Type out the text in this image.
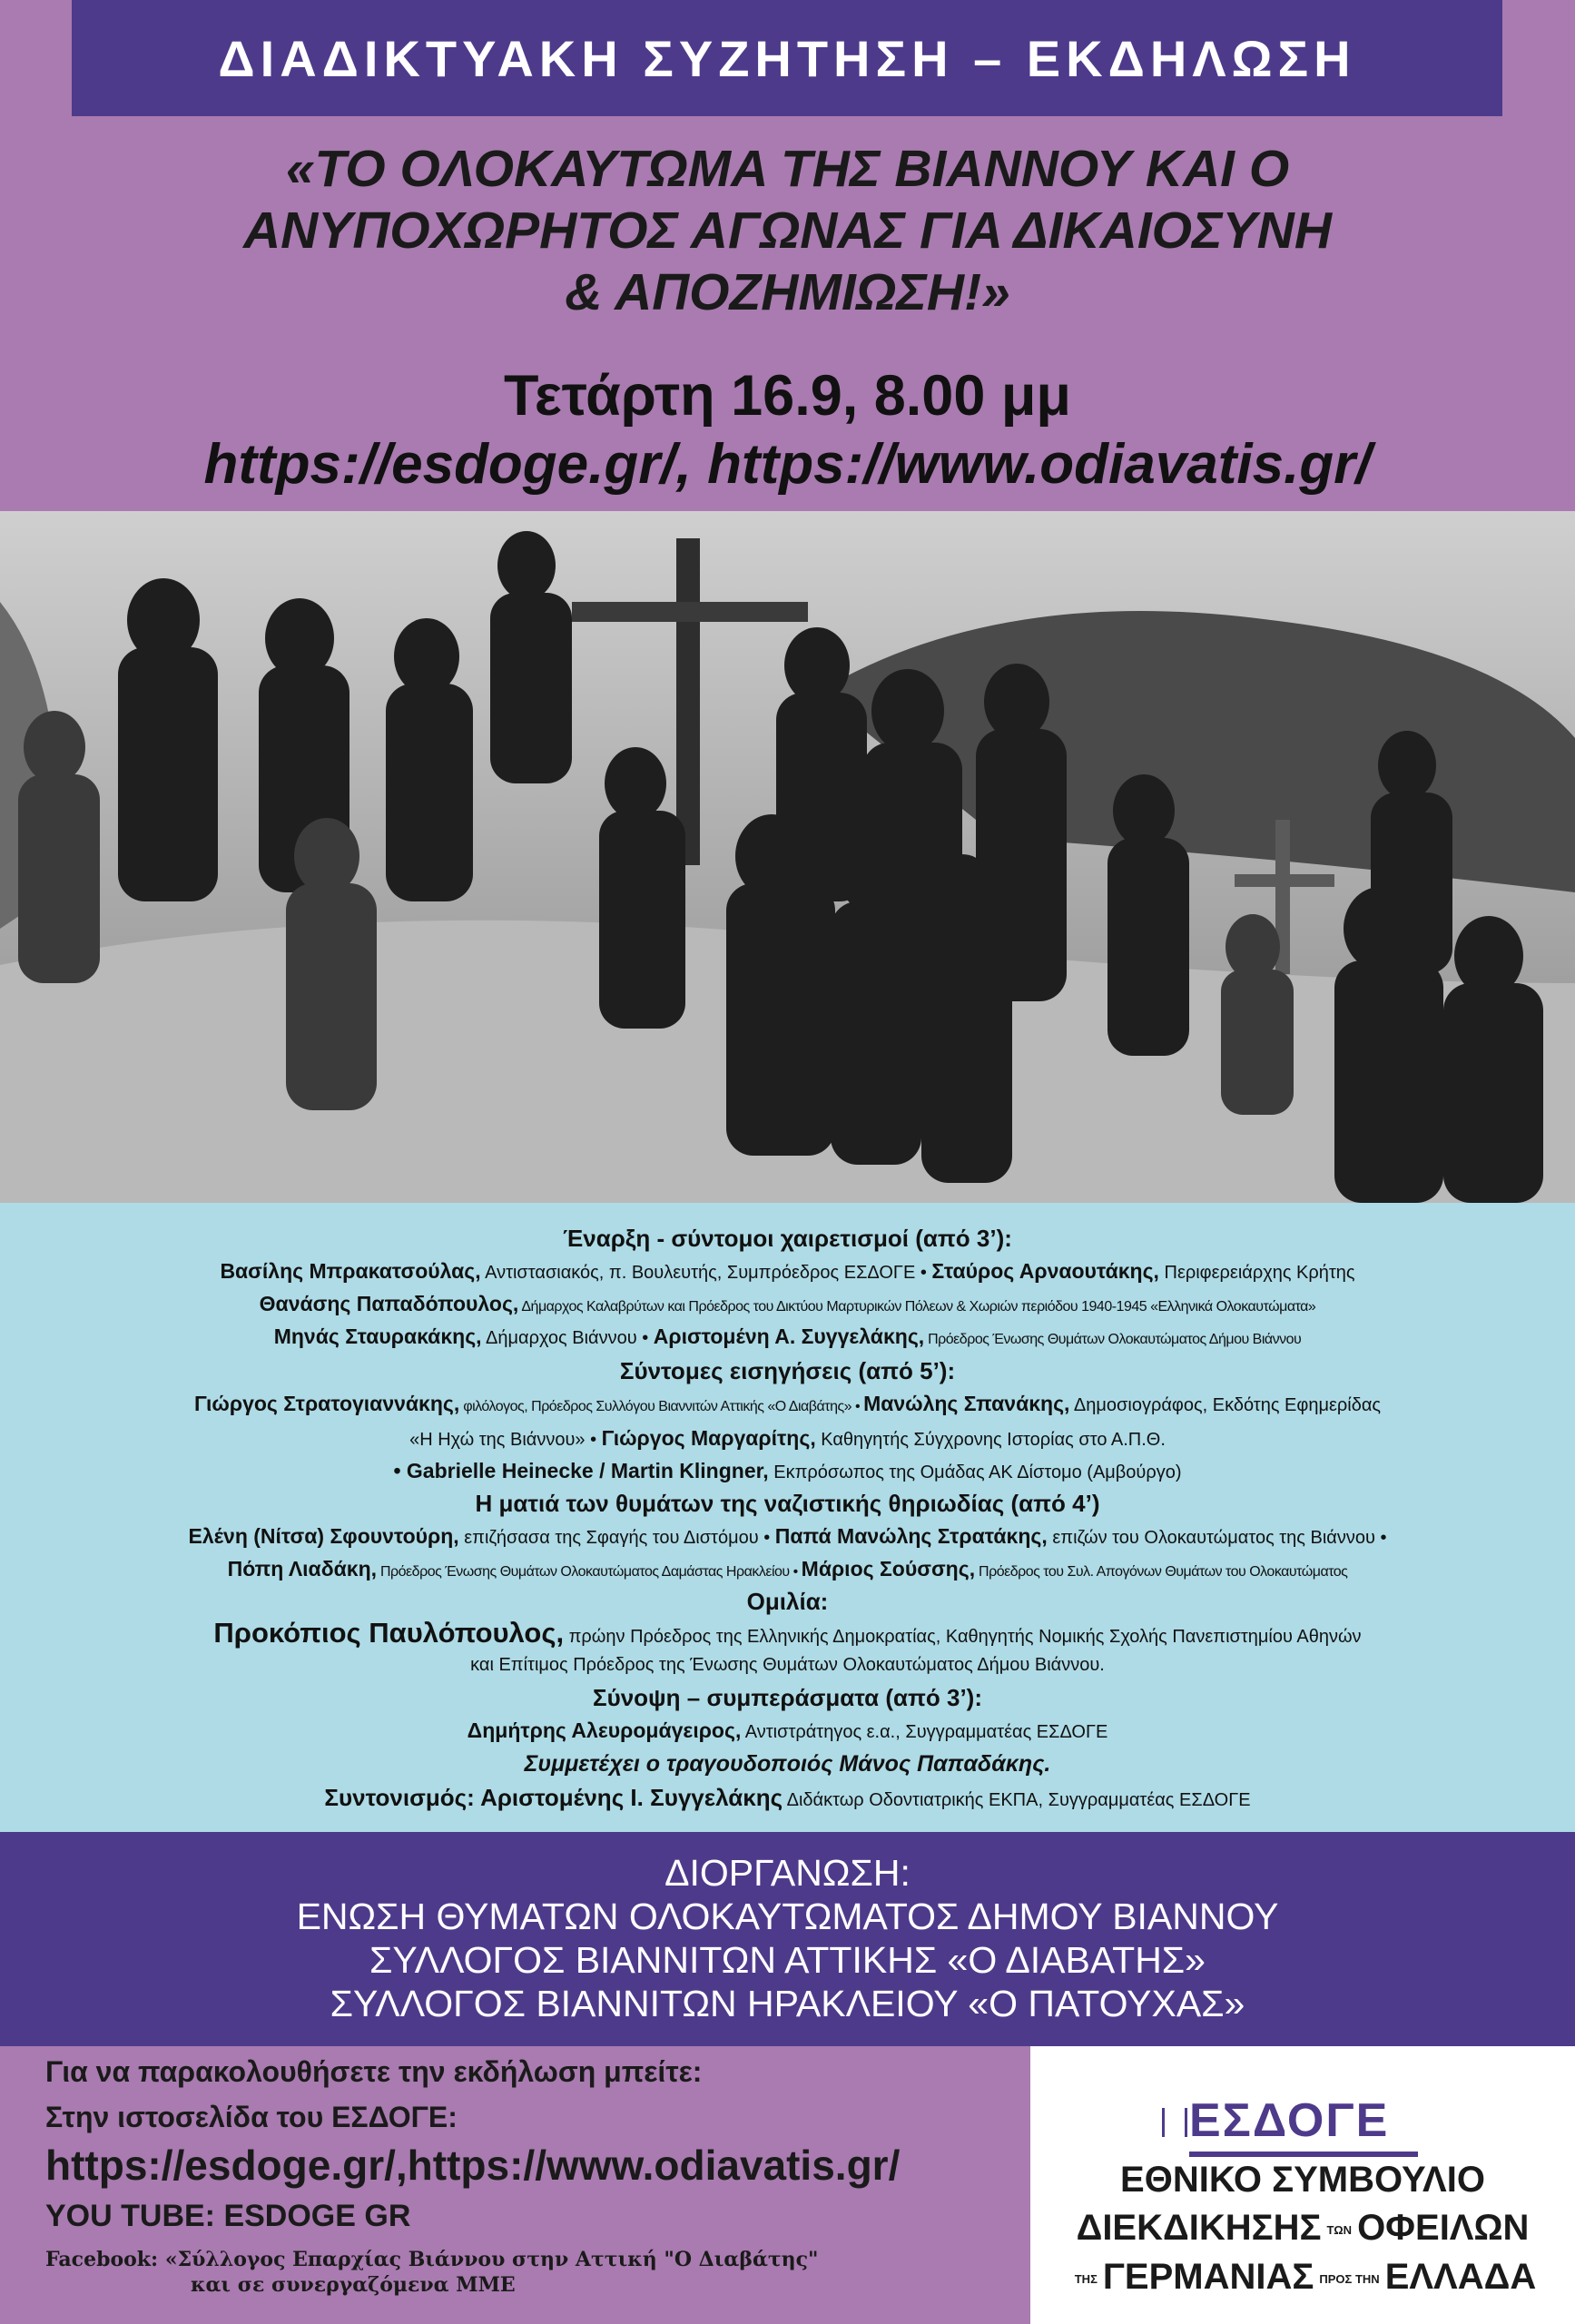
ΔΙΑΔΙΚΤΥΑΚΗ ΣΥΖΗΤΗΣΗ – ΕΚΔΗΛΩΣΗ
«ΤΟ ΟΛΟΚΑΥΤΩΜΑ ΤΗΣ ΒΙΑΝΝΟΥ ΚΑΙ Ο
ΑΝΥΠΟΧΩΡΗΤΟΣ ΑΓΩΝΑΣ ΓΙΑ ΔΙΚΑΙΟΣΥΝΗ
& ΑΠΟΖΗΜΙΩΣΗ!»
Τετάρτη 16.9, 8.00 μμ
https://esdoge.gr/, https://www.odiavatis.gr/
Έναρξη - σύντομοι χαιρετισμοί (από 3’):
Βασίλης Μπρακατσούλας, Αντιστασιακός, π. Βουλευτής, Συμπρόεδρος ΕΣΔΟΓΕ • Σταύρος Αρναουτάκης, Περιφερειάρχης Κρήτης
Θανάσης Παπαδόπουλος, Δήμαρχος Καλαβρύτων και Πρόεδρος του Δικτύου Μαρτυρικών Πόλεων & Χωριών περιόδου 1940-1945 «Ελληνικά Ολοκαυτώματα»
Μηνάς Σταυρακάκης, Δήμαρχος Βιάννου • Αριστομένη Α. Συγγελάκης, Πρόεδρος Ένωσης Θυμάτων Ολοκαυτώματος Δήμου Βιάννου
Σύντομες εισηγήσεις (από 5’):
Γιώργος Στρατογιαννάκης, φιλόλογος, Πρόεδρος Συλλόγου Βιαννιτών Αττικής «Ο Διαβάτης» • Μανώλης Σπανάκης, Δημοσιογράφος, Εκδότης Εφημερίδας
«Η Ηχώ της Βιάννου» • Γιώργος Μαργαρίτης, Καθηγητής Σύγχρονης Ιστορίας στο Α.Π.Θ.
• Gabrielle Heinecke / Martin Klingner, Εκπρόσωπος της Ομάδας ΑΚ Δίστομο (Αμβούργο)
Η ματιά των θυμάτων της ναζιστικής θηριωδίας (από 4’)
Ελένη (Νίτσα) Σφουντούρη, επιζήσασα της Σφαγής του Διστόμου • Παπά Μανώλης Στρατάκης, επιζών του Ολοκαυτώματος της Βιάννου •
Πόπη Λιαδάκη, Πρόεδρος Ένωσης Θυμάτων Ολοκαυτώματος Δαμάστας Ηρακλείου • Μάριος Σούσσης, Πρόεδρος του Συλ. Απογόνων Θυμάτων του Ολοκαυτώματος
Ομιλία:
Προκόπιος Παυλόπουλος, πρώην Πρόεδρος της Ελληνικής Δημοκρατίας, Καθηγητής Νομικής Σχολής Πανεπιστημίου Αθηνών
και Επίτιμος Πρόεδρος της Ένωσης Θυμάτων Ολοκαυτώματος Δήμου Βιάννου.
Σύνοψη – συμπεράσματα (από 3’):
Δημήτρης Αλευρομάγειρος, Αντιστράτηγος ε.α., Συγγραμματέας ΕΣΔΟΓΕ
Συμμετέχει ο τραγουδοποιός Μάνος Παπαδάκης.
Συντονισμός: Αριστομένης Ι. Συγγελάκης Διδάκτωρ Οδοντιατρικής ΕΚΠΑ, Συγγραμματέας ΕΣΔΟΓΕ
ΔΙΟΡΓΑΝΩΣΗ:
ΕΝΩΣΗ ΘΥΜΑΤΩΝ ΟΛΟΚΑΥΤΩΜΑΤΟΣ ΔΗΜΟΥ ΒΙΑΝΝΟΥ
ΣΥΛΛΟΓΟΣ ΒΙΑΝΝΙΤΩΝ ΑΤΤΙΚΗΣ «Ο ΔΙΑΒΑΤΗΣ»
ΣΥΛΛΟΓΟΣ ΒΙΑΝΝΙΤΩΝ ΗΡΑΚΛΕΙΟΥ «Ο ΠΑΤΟΥΧΑΣ»
Για να παρακολουθήσετε την εκδήλωση μπείτε:
Στην ιστοσελίδα του ΕΣΔΟΓΕ:
https://esdoge.gr/,https://www.odiavatis.gr/
YOU TUBE: ESDOGE GR
Facebook: «Σύλλογος Επαρχίας Βιάννου στην Αττική "Ο Διαβάτης"
και σε συνεργαζόμενα ΜΜΕ
ΕΣΔΟΓΕ
ΕΘΝΙΚΟ ΣΥΜΒΟΥΛΙΟ
ΔΙΕΚΔΙΚΗΣΗΣ ΤΩΝ ΟΦΕΙΛΩΝ
ΤΗΣ ΓΕΡΜΑΝΙΑΣ ΠΡΟΣ ΤΗΝ ΕΛΛΑΔΑ
